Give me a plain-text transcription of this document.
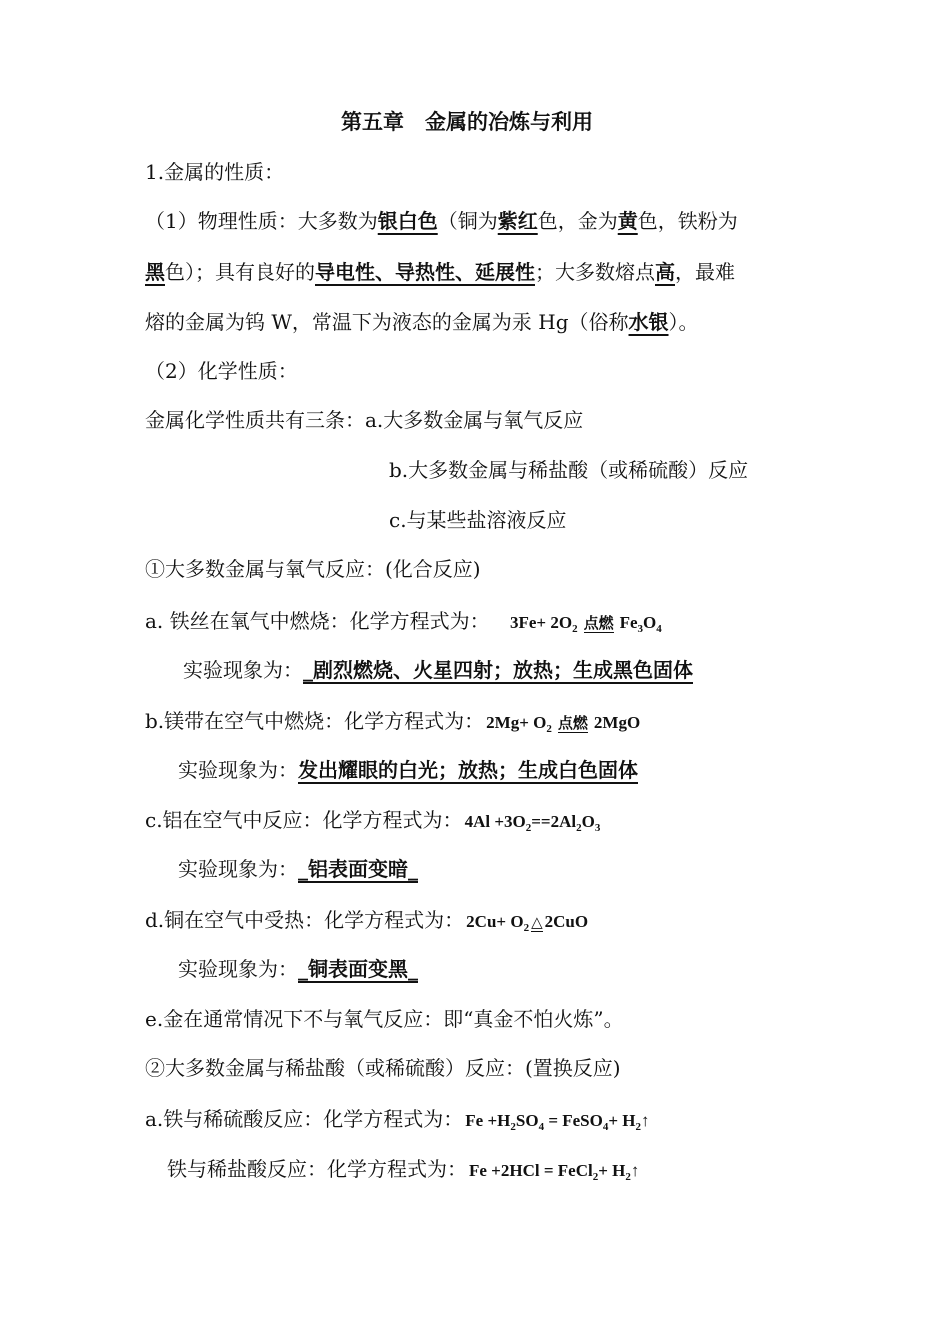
第五章　金属的冶炼与利用
1.金属的性质：
（1）物理性质：大多数为银白色（铜为紫红色，金为黄色，铁粉为
黑色）；具有良好的导电性、导热性、延展性；大多数熔点高，最难
熔的金属为钨 W，常温下为液态的金属为汞 Hg（俗称水银）。
（2）化学性质：
金属化学性质共有三条：a.大多数金属与氧气反应
b.大多数金属与稀盐酸（或稀硫酸）反应
c.与某些盐溶液反应
①大多数金属与氧气反应：(化合反应)
a. 铁丝在氧气中燃烧：化学方程式为： $3Fe+ 2O_2$ 点燃 $Fe_3O_4$
实验现象为：_剧烈燃烧、火星四射；放热；生成黑色固体
b.镁带在空气中燃烧：化学方程式为： $2Mg+ O_2$ 点燃 2MgO
实验现象为：发出耀眼的白光；放热；生成白色固体
c.铝在空气中反应：化学方程式为： $4Al +3O_2==2Al_2O_3$
实验现象为：_铝表面变暗_
d.铜在空气中受热：化学方程式为： $2Cu+ O_2$ △ 2CuO
实验现象为：_铜表面变黑_
e.金在通常情况下不与氧气反应：即“真金不怕火炼”。
②大多数金属与稀盐酸（或稀硫酸）反应：(置换反应)
a.铁与稀硫酸反应：化学方程式为： $Fe +H_2SO_4$ = FeSO$_4$+ $H_2↑$
铁与稀盐酸反应：化学方程式为： Fe +2HCl = FeCl$_2$+ $H_2↑$
